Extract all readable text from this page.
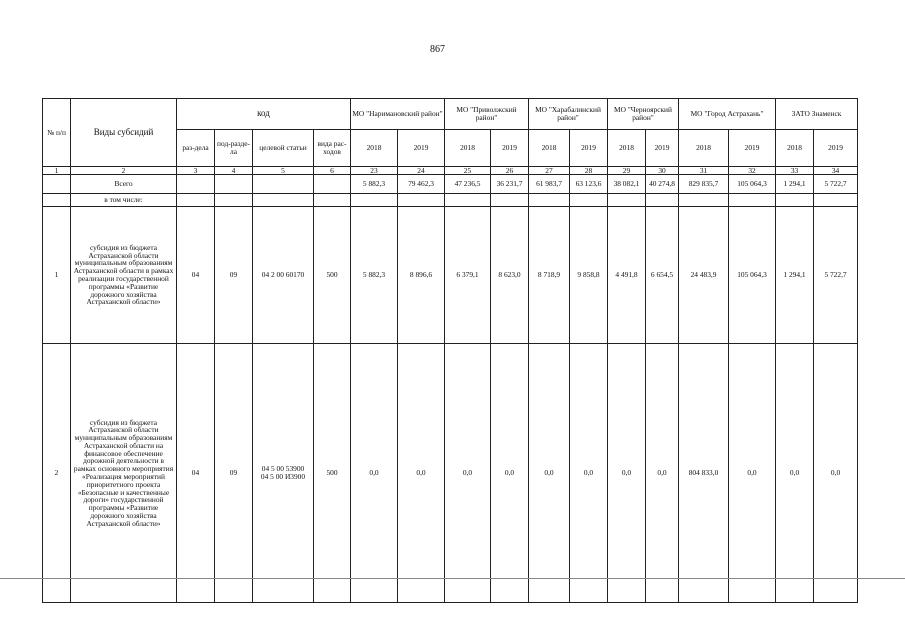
867
№ п/п	Виды субсидий	код				МО "Наримановский район"		МО "Приволжский район"		МО "Харабалинский район"		МО "Черноярский район"		МО "Город Астрахань"		ЗАТО Знаменск	
		раз-дела	под-разде-ла	целевой статьи	вида рас-ходов	2018	2019	2018	2019	2018	2019	2018	2019	2018	2019	2018	2019
1	2	3	4	5	6	23	24	25	26	27	28	29	30	31	32	33	34
	Всего					5 882,3	79 462,3	47 236,5	36 231,7	61 983,7	63 123,6	38 082,1	40 274,8	829 835,7	105 064,3	1 294,1	5 722,7
	в том числе:																
1	субсидия из бюджета Астраханской области муниципальным образованиям Астраханской области в рамках реализации государственной программы «Развитие дорожного хозяйства Астраханской области»	04	09	04 2 00 60170	500	5 882,3	8 896,6	6 379,1	8 623,0	8 718,9	9 858,8	4 491,8	6 654,5	24 483,9	105 064,3	1 294,1	5 722,7
2	субсидия из бюджета Астраханской области муниципальным образованиям Астраханской области на финансовое обеспечение дорожной деятельности в рамках основного мероприятия «Реализация мероприятий приоритетного проекта «Безопасные и качественные дороги» государственной программы «Развитие дорожного хозяйства Астраханской области»	04	09	04 5 00 53900
04 5 00 И3900	500	0,0	0,0	0,0	0,0	0,0	0,0	0,0	0,0	804 833,0	0,0	0,0	0,0
